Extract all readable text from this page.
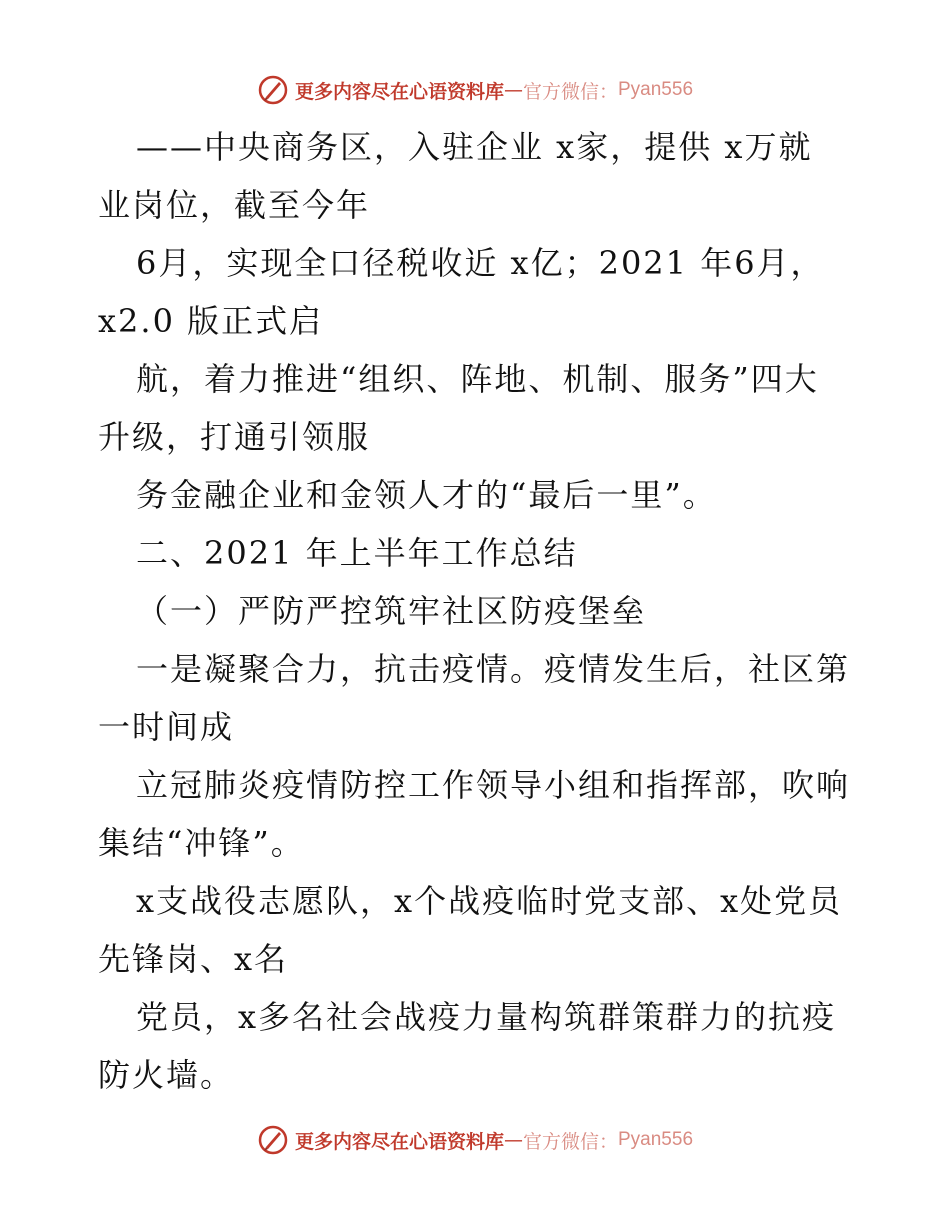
更多内容尽在心语资料库 — 官方微信： Pyan556
——中央商务区，入驻企业 x家，提供 x万就
业岗位，截至今年
6月，实现全口径税收近 x亿；2021 年6月，
x2.0 版正式启
航，着力推进“组织、阵地、机制、服务”四大
升级，打通引领服
务金融企业和金领人才的“最后一里”。
二、2021 年上半年工作总结
（一）严防严控筑牢社区防疫堡垒
一是凝聚合力，抗击疫情。疫情发生后，社区第
一时间成
立冠肺炎疫情防控工作领导小组和指挥部，吹响
集结“冲锋”。
x支战役志愿队，x个战疫临时党支部、x处党员
先锋岗、x名
党员，x多名社会战疫力量构筑群策群力的抗疫
防火墙。
更多内容尽在心语资料库 — 官方微信： Pyan556
